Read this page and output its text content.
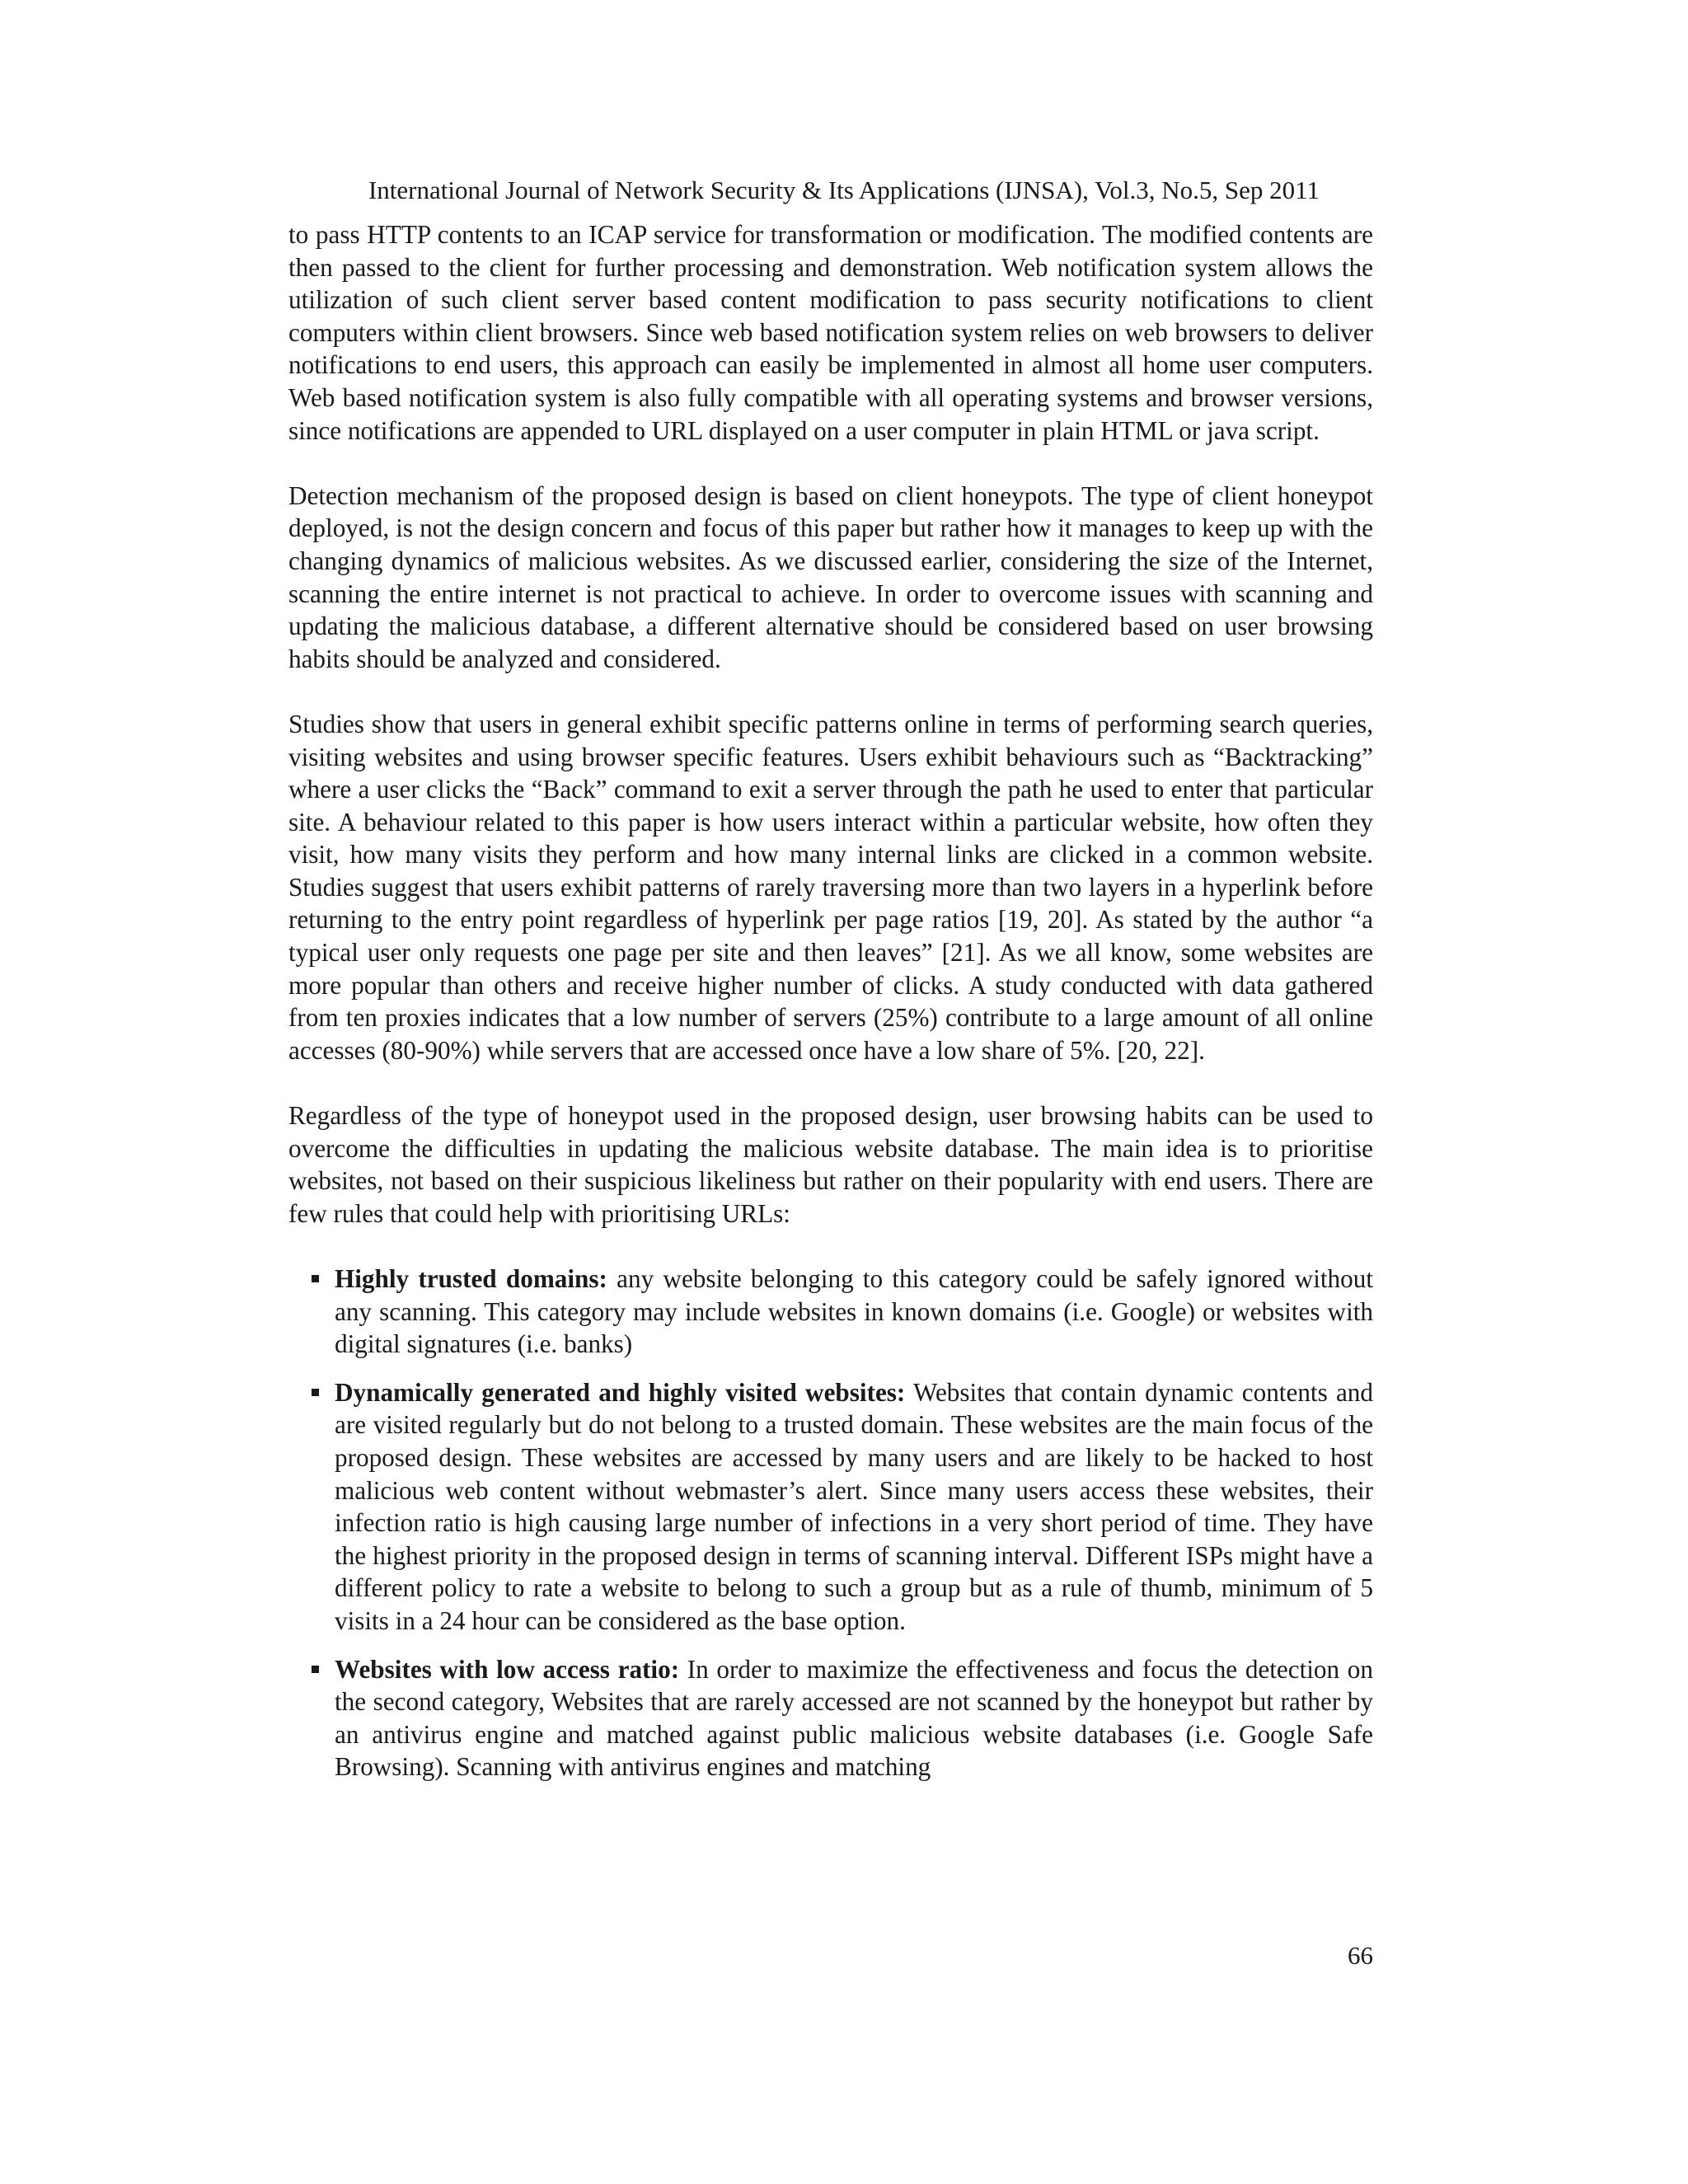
International Journal of Network Security & Its Applications (IJNSA), Vol.3, No.5, Sep 2011

to pass HTTP contents to an ICAP service for transformation or modification. The modified contents are then passed to the client for further processing and demonstration. Web notification system allows the utilization of such client server based content modification to pass security notifications to client computers within client browsers. Since web based notification system relies on web browsers to deliver notifications to end users, this approach can easily be implemented in almost all home user computers. Web based notification system is also fully compatible with all operating systems and browser versions, since notifications are appended to URL displayed on a user computer in plain HTML or java script.

Detection mechanism of the proposed design is based on client honeypots. The type of client honeypot deployed, is not the design concern and focus of this paper but rather how it manages to keep up with the changing dynamics of malicious websites. As we discussed earlier, considering the size of the Internet, scanning the entire internet is not practical to achieve. In order to overcome issues with scanning and updating the malicious database, a different alternative should be considered based on user browsing habits should be analyzed and considered.

Studies show that users in general exhibit specific patterns online in terms of performing search queries, visiting websites and using browser specific features. Users exhibit behaviours such as “Backtracking” where a user clicks the “Back” command to exit a server through the path he used to enter that particular site. A behaviour related to this paper is how users interact within a particular website, how often they visit, how many visits they perform and how many internal links are clicked in a common website. Studies suggest that users exhibit patterns of rarely traversing more than two layers in a hyperlink before returning to the entry point regardless of hyperlink per page ratios [19, 20]. As stated by the author “a typical user only requests one page per site and then leaves” [21]. As we all know, some websites are more popular than others and receive higher number of clicks. A study conducted with data gathered from ten proxies indicates that a low number of servers (25%) contribute to a large amount of all online accesses (80-90%) while servers that are accessed once have a low share of 5%. [20, 22].

Regardless of the type of honeypot used in the proposed design, user browsing habits can be used to overcome the difficulties in updating the malicious website database. The main idea is to prioritise websites, not based on their suspicious likeliness but rather on their popularity with end users. There are few rules that could help with prioritising URLs:

Highly trusted domains: any website belonging to this category could be safely ignored without any scanning. This category may include websites in known domains (i.e. Google) or websites with digital signatures (i.e. banks)
Dynamically generated and highly visited websites: Websites that contain dynamic contents and are visited regularly but do not belong to a trusted domain. These websites are the main focus of the proposed design. These websites are accessed by many users and are likely to be hacked to host malicious web content without webmaster’s alert. Since many users access these websites, their infection ratio is high causing large number of infections in a very short period of time. They have the highest priority in the proposed design in terms of scanning interval. Different ISPs might have a different policy to rate a website to belong to such a group but as a rule of thumb, minimum of 5 visits in a 24 hour can be considered as the base option.
Websites with low access ratio: In order to maximize the effectiveness and focus the detection on the second category, Websites that are rarely accessed are not scanned by the honeypot but rather by an antivirus engine and matched against public malicious website databases (i.e. Google Safe Browsing). Scanning with antivirus engines and matching
66
